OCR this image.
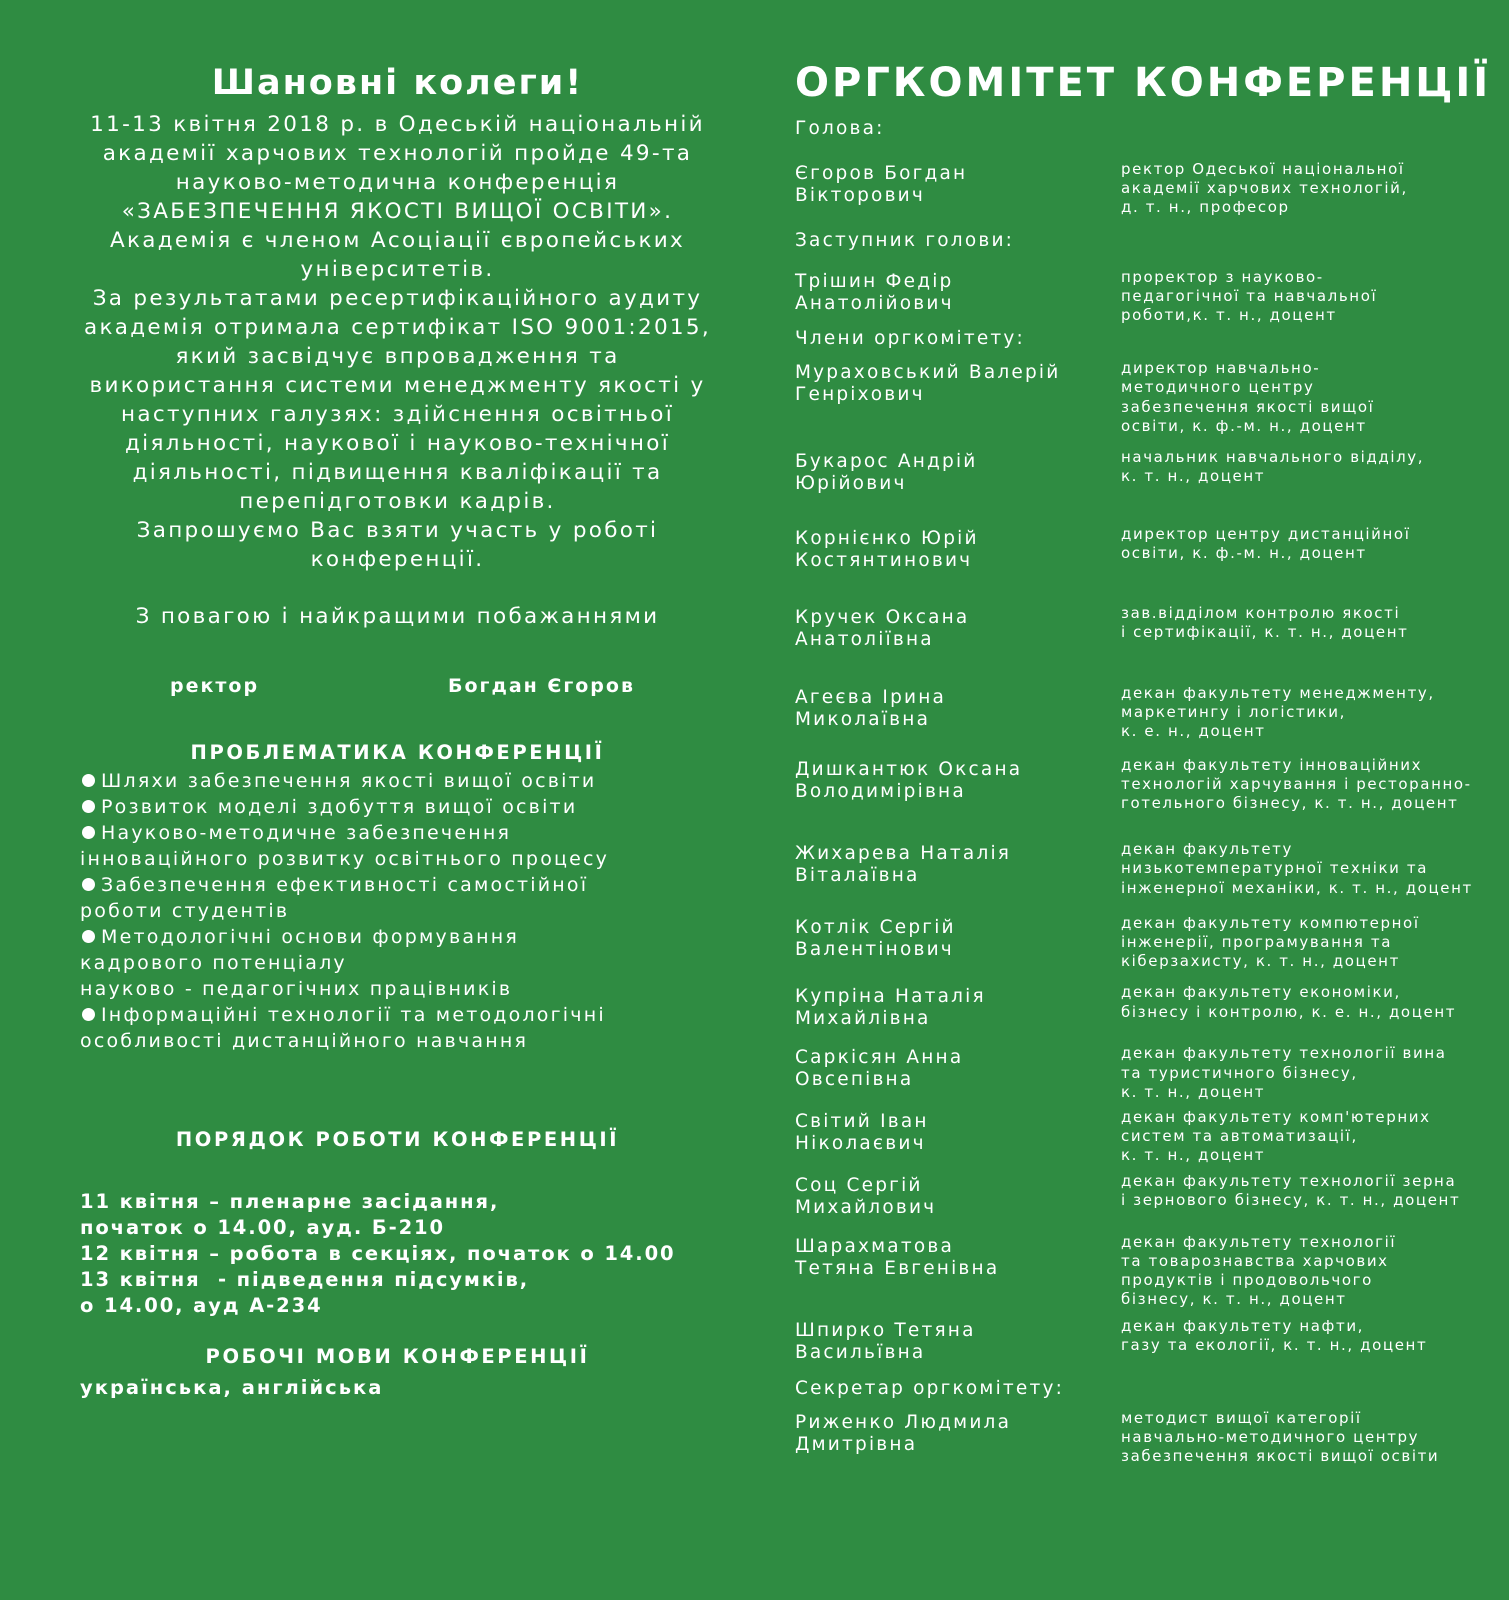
Шановні колеги!

11-13 квітня 2018 р. в Одеській національній академії харчових технологій пройде 49-та науково-методична конференція «ЗАБЕЗПЕЧЕННЯ ЯКОСТІ ВИЩОЇ ОСВІТИ».

Академія є членом Асоціації європейських університетів.

За результатами ресертифікаційного аудиту академія отримала сертифікат ISO 9001:2015, який засвідчує впровадження та використання системи менеджменту якості у наступних галузях: здійснення освітньої діяльності, наукової і науково-технічної діяльності, підвищення кваліфікації та перепідготовки кадрів.

Запрошуємо Вас взяти участь у роботі конференції.

З повагою і найкращими побажаннями
ректор	Богдан Єгоров
ПРОБЛЕМАТИКА КОНФЕРЕНЦІЇ
Шляхи забезпечення якості вищої освіти
Розвиток моделі здобуття вищої освіти
Науково-методичне забезпечення
інноваційного розвитку освітнього процесу
Забезпечення ефективності самостійної
роботи студентів
Методологічні основи формування
кадрового потенціалу
науково - педагогічних працівників
Інформаційні технології та методологічні
особливості дистанційного навчання
ПОРЯДОК РОБОТИ КОНФЕРЕНЦІЇ
11 квітня – пленарне засідання,
початок о 14.00, ауд. Б-210
12 квітня – робота в секціях, початок о 14.00
13 квітня  - підведення підсумків,
о 14.00, ауд А-234
РОБОЧІ МОВИ КОНФЕРЕНЦІЇ
українська, англійська
ОРГКОМІТЕТ КОНФЕРЕНЦІЇ
Голова:
Єгоров Богдан
Вікторович
ректор Одеської національної
академії харчових технологій,
д. т. н., професор
Заступник голови:
Трішин Федір
Анатолійович
проректор з науково-
педагогічної та навчальної
роботи,к. т. н., доцент
Члени оргкомітету:
Мураховський Валерій
Генріхович
директор навчально-
методичного центру
забезпечення якості вищої
освіти, к. ф.-м. н., доцент
Букарос Андрій
Юрійович
начальник навчального відділу,
к. т. н., доцент
Корнієнко Юрій
Костянтинович
директор центру дистанційної
освіти, к. ф.-м. н., доцент
Кручек Оксана
Анатоліївна
зав.відділом контролю якості
і сертифікації, к. т. н., доцент
Агеєва Ірина
Миколаївна
декан факультету менеджменту,
маркетингу і логістики,
к. е. н., доцент
Дишкантюк Оксана
Володимірівна
декан факультету інноваційних
технологій харчування і ресторанно-
готельного бізнесу, к. т. н., доцент
Жихарева Наталія
Віталаївна
декан факультету
низькотемпературної техніки та
інженерної механіки, к. т. н., доцент
Котлік Сергій
Валентінович
декан факультету компютерної
інженерії, програмування та
кіберзахисту, к. т. н., доцент
Купріна Наталія
Михайлівна
декан факультету економіки,
бізнесу і контролю, к. е. н., доцент
Саркісян Анна
Овсепівна
декан факультету технології вина
та туристичного бізнесу,
к. т. н., доцент
Світий Іван
Ніколаєвич
декан факультету комп'ютерних
систем та автоматизації,
к. т. н., доцент
Соц Сергій
Михайлович
декан факультету технології зерна
і зернового бізнесу, к. т. н., доцент
Шарахматова
Тетяна Евгенівна
декан факультету технології
та товарознавства харчових
продуктів і продовольчого
бізнесу, к. т. н., доцент
Шпирко Тетяна
Васильївна
декан факультету нафти,
газу та екології, к. т. н., доцент
Секретар оргкомітету:
Риженко Людмила
Дмитрівна
методист вищої категорії
навчально-методичного центру
забезпечення якості вищої освіти
